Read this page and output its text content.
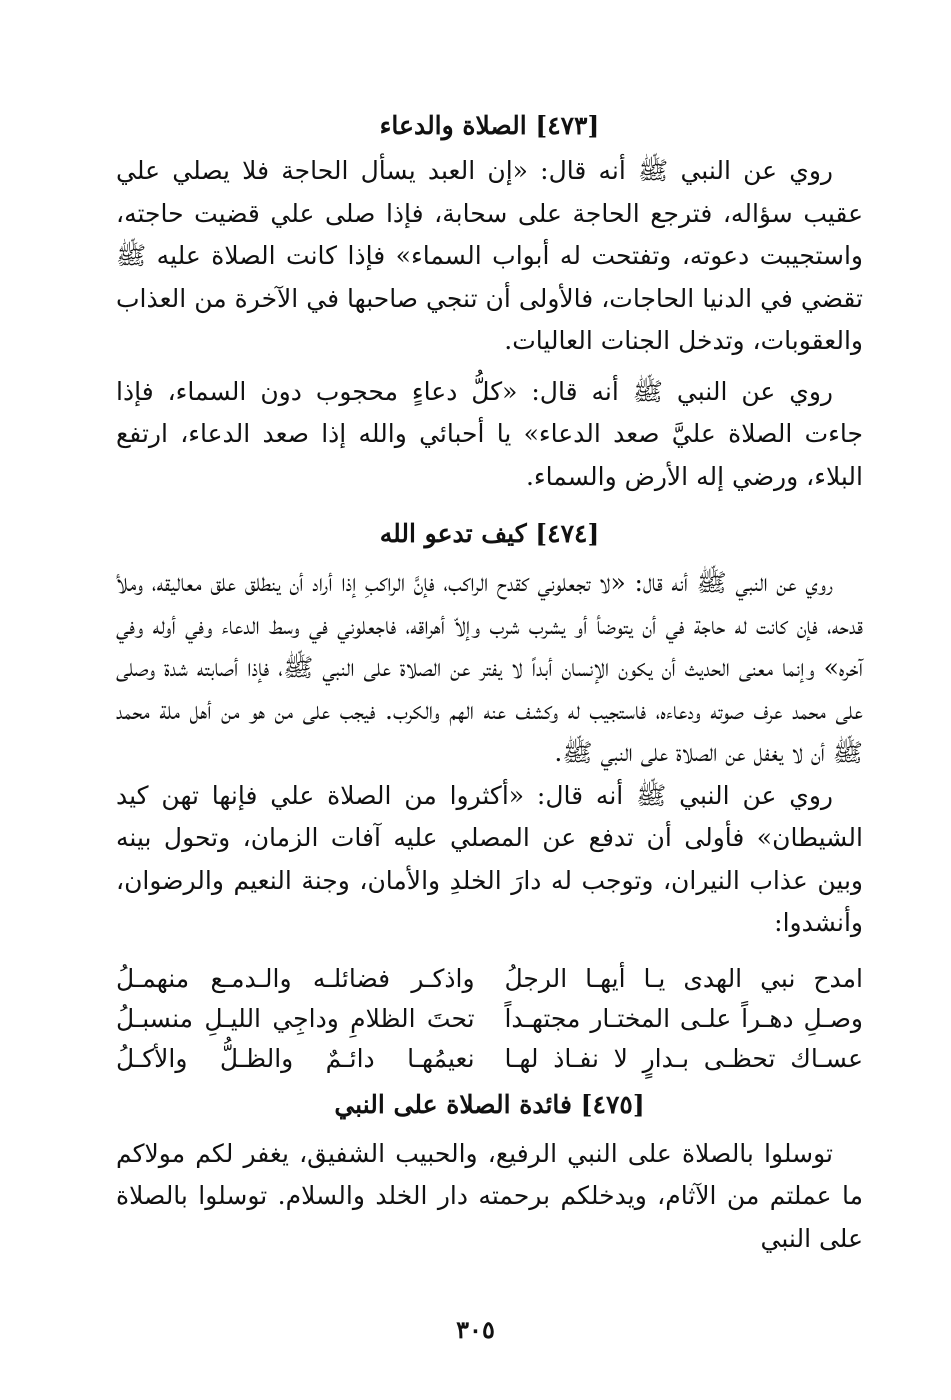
[٤٧٣] الصلاة والدعاء

روي عن النبي ﷺ أنه قال: «إن العبد يسأل الحاجة فلا يصلي علي عقيب سؤاله، فترجع الحاجة على سحابة، فإذا صلى علي قضيت حاجته، واستجيبت دعوته، وتفتحت له أبواب السماء» فإذا كانت الصلاة عليه ﷺ تقضي في الدنيا الحاجات، فالأولى أن تنجي صاحبها في الآخرة من العذاب والعقوبات، وتدخل الجنات العاليات.

روي عن النبي ﷺ أنه قال: «كلُّ دعاءٍ محجوب دون السماء، فإذا جاءت الصلاة عليَّ صعد الدعاء» يا أحبائي والله إذا صعد الدعاء، ارتفع البلاء، ورضي إله الأرض والسماء.

[٤٧٤] كيف تدعو الله

روي عن النبي ﷺ أنه قال: «لا تجعلوني كقدح الراكب، فإنَّ الراكبِ إذا أراد أن ينطلق علق معاليقه، وملأ قدحه، فإن كانت له حاجة في أن يتوضأ أو يشرب شرب وإلاّ أهراقه، فاجعلوني في وسط الدعاء وفي أوله وفي آخره» وإنما معنى الحديث أن يكون الإنسان أبداً لا يفتر عن الصلاة على النبي ﷺ، فإذا أصابته شدة وصلى على محمد عرف صوته ودعاءه، فاستجيب له وكشف عنه الهم والكرب. فيجب على من هو من أهل ملة محمد ﷺ أن لا يغفل عن الصلاة على النبي ﷺ.

روي عن النبي ﷺ أنه قال: «أكثروا من الصلاة علي فإنها تهن كيد الشيطان» فأولى أن تدفع عن المصلي عليه آفات الزمان، وتحول بينه وبين عذاب النيران، وتوجب له دارَ الخلدِ والأمان، وجنة النعيم والرضوان، وأنشدوا:

امدح نبي الهدى يـا أيهـا الرجلُ
واذكـر فضائلـه والـدمـع منهمـلُ
وصـلِ دهـراً علـى المختـار مجتهـداً
تحتَ الظلامِ وداجِي الليـلِ منسبـلُ
عسـاك تحظـى بـدارٍ لا نفـاذ لهـا
نعيمُهـا دائـمٌ والظـلُّ والأكـلُ
[٤٧٥] فائدة الصلاة على النبي

توسلوا بالصلاة على النبي الرفيع، والحبيب الشفيق، يغفر لكم مولاكم ما عملتم من الآثام، ويدخلكم برحمته دار الخلد والسلام. توسلوا بالصلاة على النبي

٣٠٥
